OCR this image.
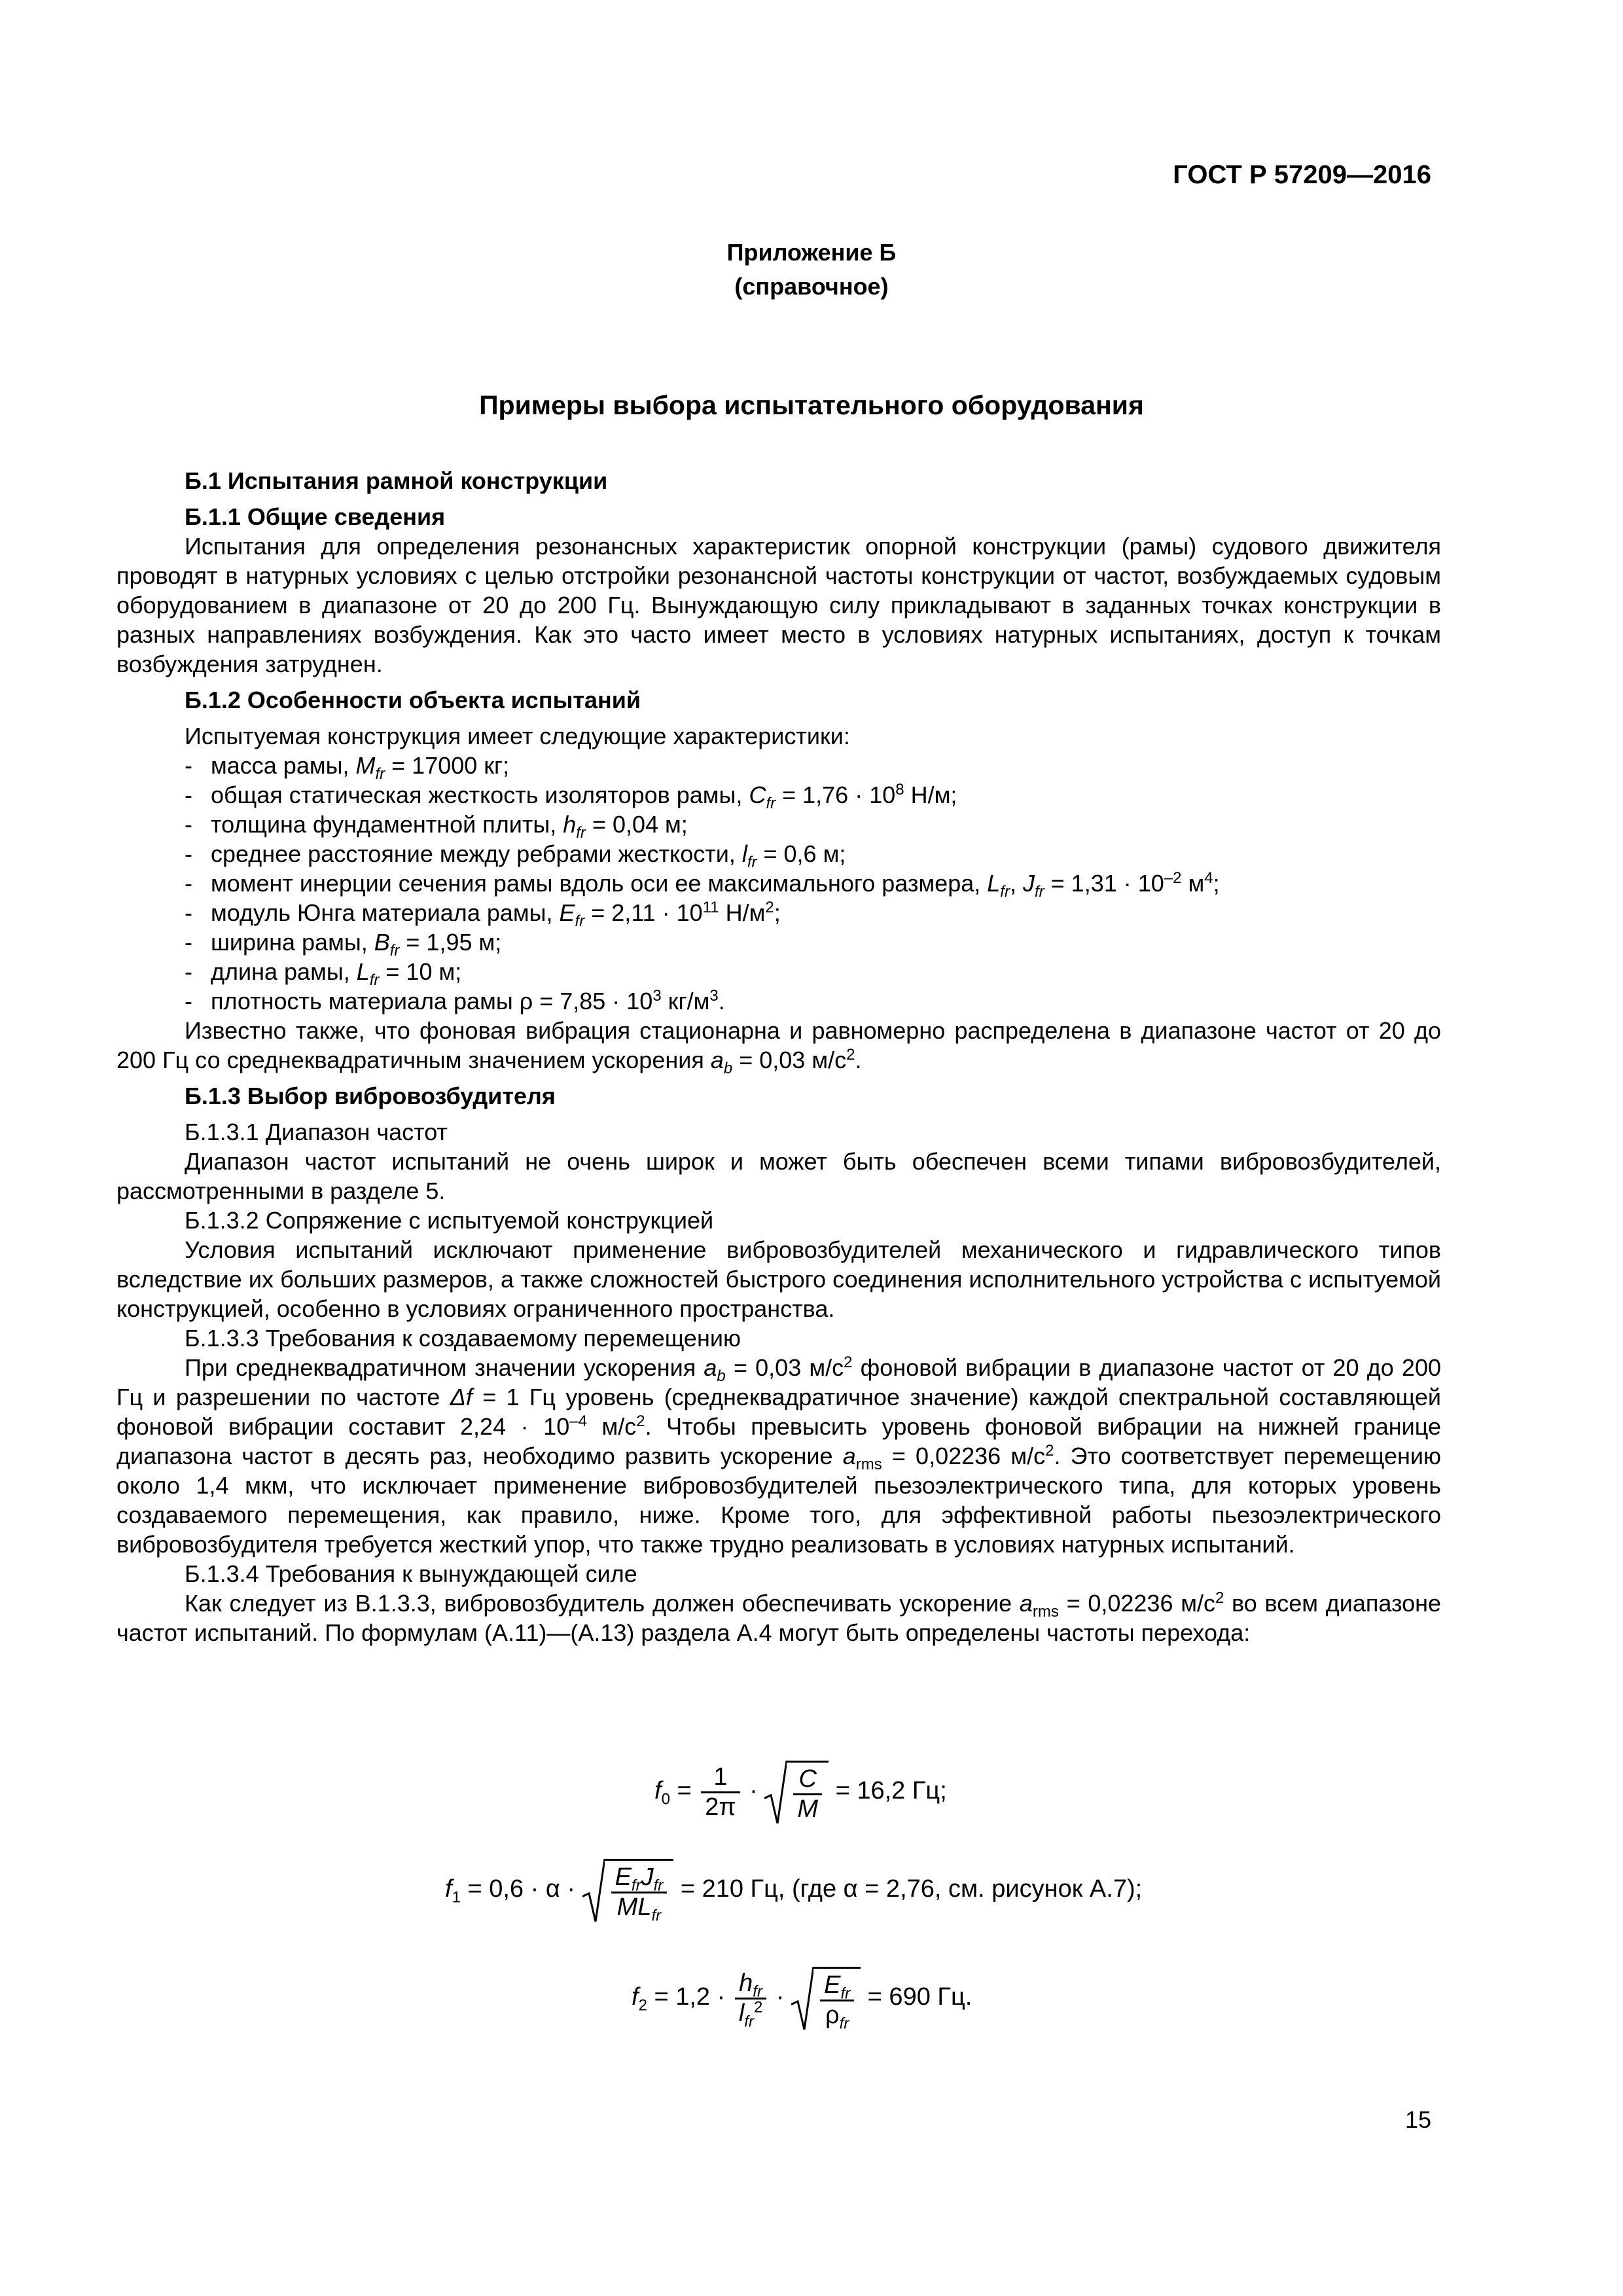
ГОСТ Р 57209—2016
Приложение Б
(справочное)
Примеры выбора испытательного оборудования
Б.1 Испытания рамной конструкции
Б.1.1 Общие сведения
Испытания для определения резонансных характеристик опорной конструкции (рамы) судового движителя проводят в натурных условиях с целью отстройки резонансной частоты конструкции от частот, возбуждаемых судовым оборудованием в диапазоне от 20 до 200 Гц. Вынуждающую силу прикладывают в заданных точках конструкции в разных направлениях возбуждения. Как это часто имеет место в условиях натурных испытаниях, доступ к точкам возбуждения затруднен.
Б.1.2 Особенности объекта испытаний
Испытуемая конструкция имеет следующие характеристики:
- масса рамы, $M_{fr} = 17000$ кг;
- общая статическая жесткость изоляторов рамы, $C_{fr} = 1,76 \cdot 10^8$ Н/м;
- толщина фундаментной плиты, $h_{fr} = 0,04$ м;
- среднее расстояние между ребрами жесткости, $l_{fr} = 0,6$ м;
- момент инерции сечения рамы вдоль оси ее максимального размера, $L_{fr}$, $J_{fr} = 1,31 \cdot 10^{-2}$ $м^4$;
- модуль Юнга материала рамы, $E_{fr} = 2,11 \cdot 10^{11}$ $Н/м^2$;
- ширина рамы, $B_{fr} = 1,95$ м;
- длина рамы, $L_{fr} = 10$ м;
- плотность материала рамы $\rho = 7,85 \cdot 10^3$ $кг/м^3$.
Известно также, что фоновая вибрация стационарна и равномерно распределена в диапазоне частот от 20 до 200 Гц со среднеквадратичным значением ускорения $a_b = 0,03$ $м/с^2$.
Б.1.3 Выбор вибровозбудителя
Б.1.3.1 Диапазон частот
Диапазон частот испытаний не очень широк и может быть обеспечен всеми типами вибровозбудителей, рассмотренными в разделе 5.
Б.1.3.2 Сопряжение с испытуемой конструкцией
Условия испытаний исключают применение вибровозбудителей механического и гидравлического типов вследствие их больших размеров, а также сложностей быстрого соединения исполнительного устройства с испытуемой конструкцией, особенно в условиях ограниченного пространства.
Б.1.3.3 Требования к создаваемому перемещению
При среднеквадратичном значении ускорения $a_b = 0,03$ $м/с^2$ фоновой вибрации в диапазоне частот от 20 до 200 Гц и разрешении по частоте Δf = 1 Гц уровень (среднеквадратичное значение) каждой спектральной составляющей фоновой вибрации составит $2,24 \cdot 10^{-4}$ $м/с^2$. Чтобы превысить уровень фоновой вибрации на нижней границе диапазона частот в десять раз, необходимо развить ускорение $a_{rms} = 0,02236$ $м/с^2$. Это соответствует перемещению около 1,4 мкм, что исключает применение вибровозбудителей пьезоэлектрического типа, для которых уровень создаваемого перемещения, как правило, ниже. Кроме того, для эффективной работы пьезоэлектрического вибровозбудителя требуется жесткий упор, что также трудно реализовать в условиях натурных испытаний.
Б.1.3.4 Требования к вынуждающей силе
Как следует из В.1.3.3, вибровозбудитель должен обеспечивать ускорение $a_{rms} = 0,02236$ $м/с^2$ во всем диапазоне частот испытаний. По формулам (А.11)—(А.13) раздела А.4 могут быть определены частоты перехода:
$f_0 = \frac{1}{2\pi} \cdot \frac{C}{M} = 16,2$ Гц;
$f_1 = 0,6 \cdot \alpha \cdot \frac{E_{fr}J_{fr}}{ML_{fr}} = 210$ Гц, (где α = 2,76, см. рисунок А.7);
$f_2 = 1,2 \cdot \frac{h_{fr}}{l_{fr}^2} \cdot \frac{E_{fr}}{\rho_{fr}} = 690$ Гц.
15
